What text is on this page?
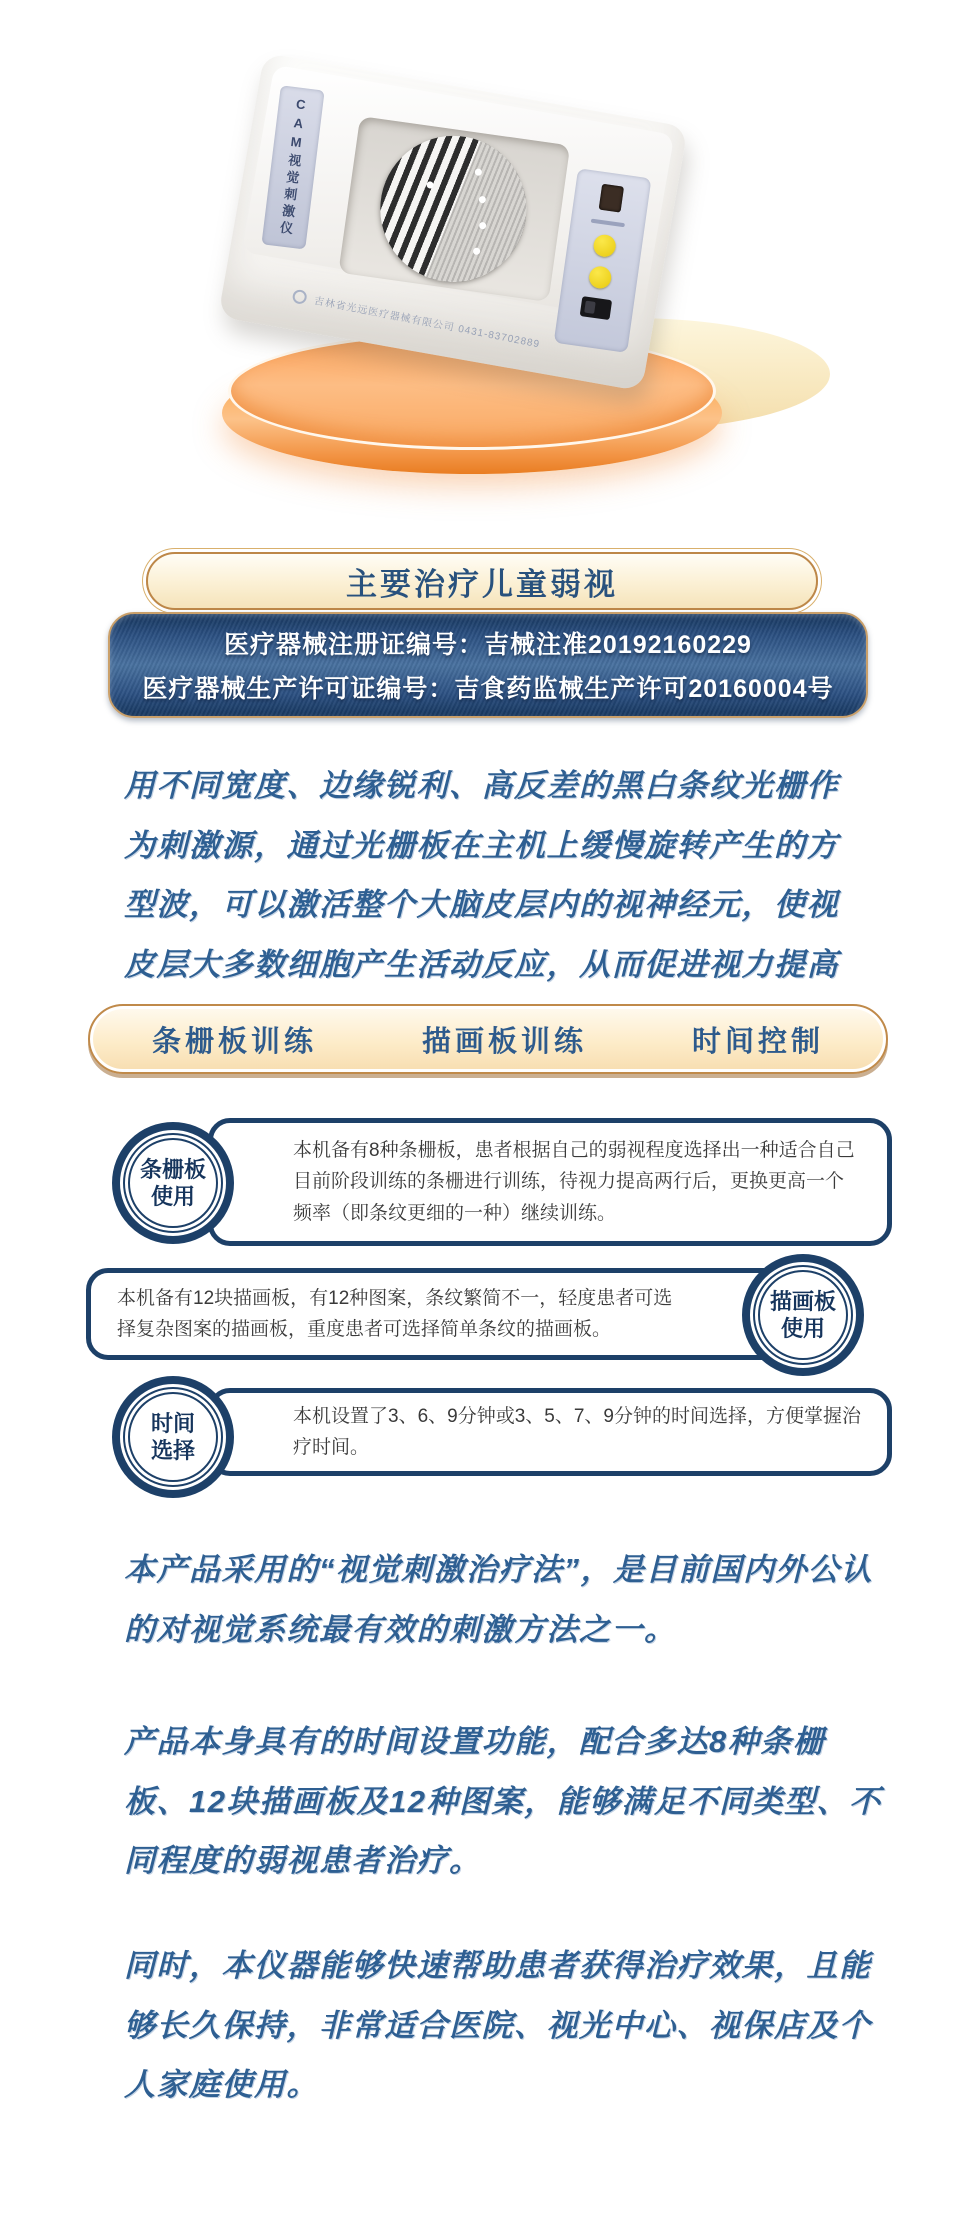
CAM视觉刺激仪
吉林省光远医疗器械有限公司 0431-83702889
主要治疗儿童弱视
医疗器械注册证编号：吉械注准20192160229
医疗器械生产许可证编号：吉食药监械生产许可20160004号
用不同宽度、边缘锐利、高反差的黑白条纹光栅作为刺激源，通过光栅板在主机上缓慢旋转产生的方型波，可以激活整个大脑皮层内的视神经元，使视皮层大多数细胞产生活动反应，从而促进视力提高
条栅板训练	描画板训练	时间控制
条栅板
使用
本机备有8种条栅板，患者根据自己的弱视程度选择出一种适合自己目前阶段训练的条栅进行训练，待视力提高两行后，更换更高一个频率（即条纹更细的一种）继续训练。
描画板
使用
本机备有12块描画板，有12种图案，条纹繁简不一，轻度患者可选择复杂图案的描画板，重度患者可选择简单条纹的描画板。
时间
选择
本机设置了3、6、9分钟或3、5、7、9分钟的时间选择，方便掌握治疗时间。
本产品采用的“视觉刺激治疗法”，是目前国内外公认的对视觉系统最有效的刺激方法之一。
产品本身具有的时间设置功能，配合多达8种条栅板、12块描画板及12种图案，能够满足不同类型、不同程度的弱视患者治疗。
同时，本仪器能够快速帮助患者获得治疗效果，且能够长久保持，非常适合医院、视光中心、视保店及个人家庭使用。
